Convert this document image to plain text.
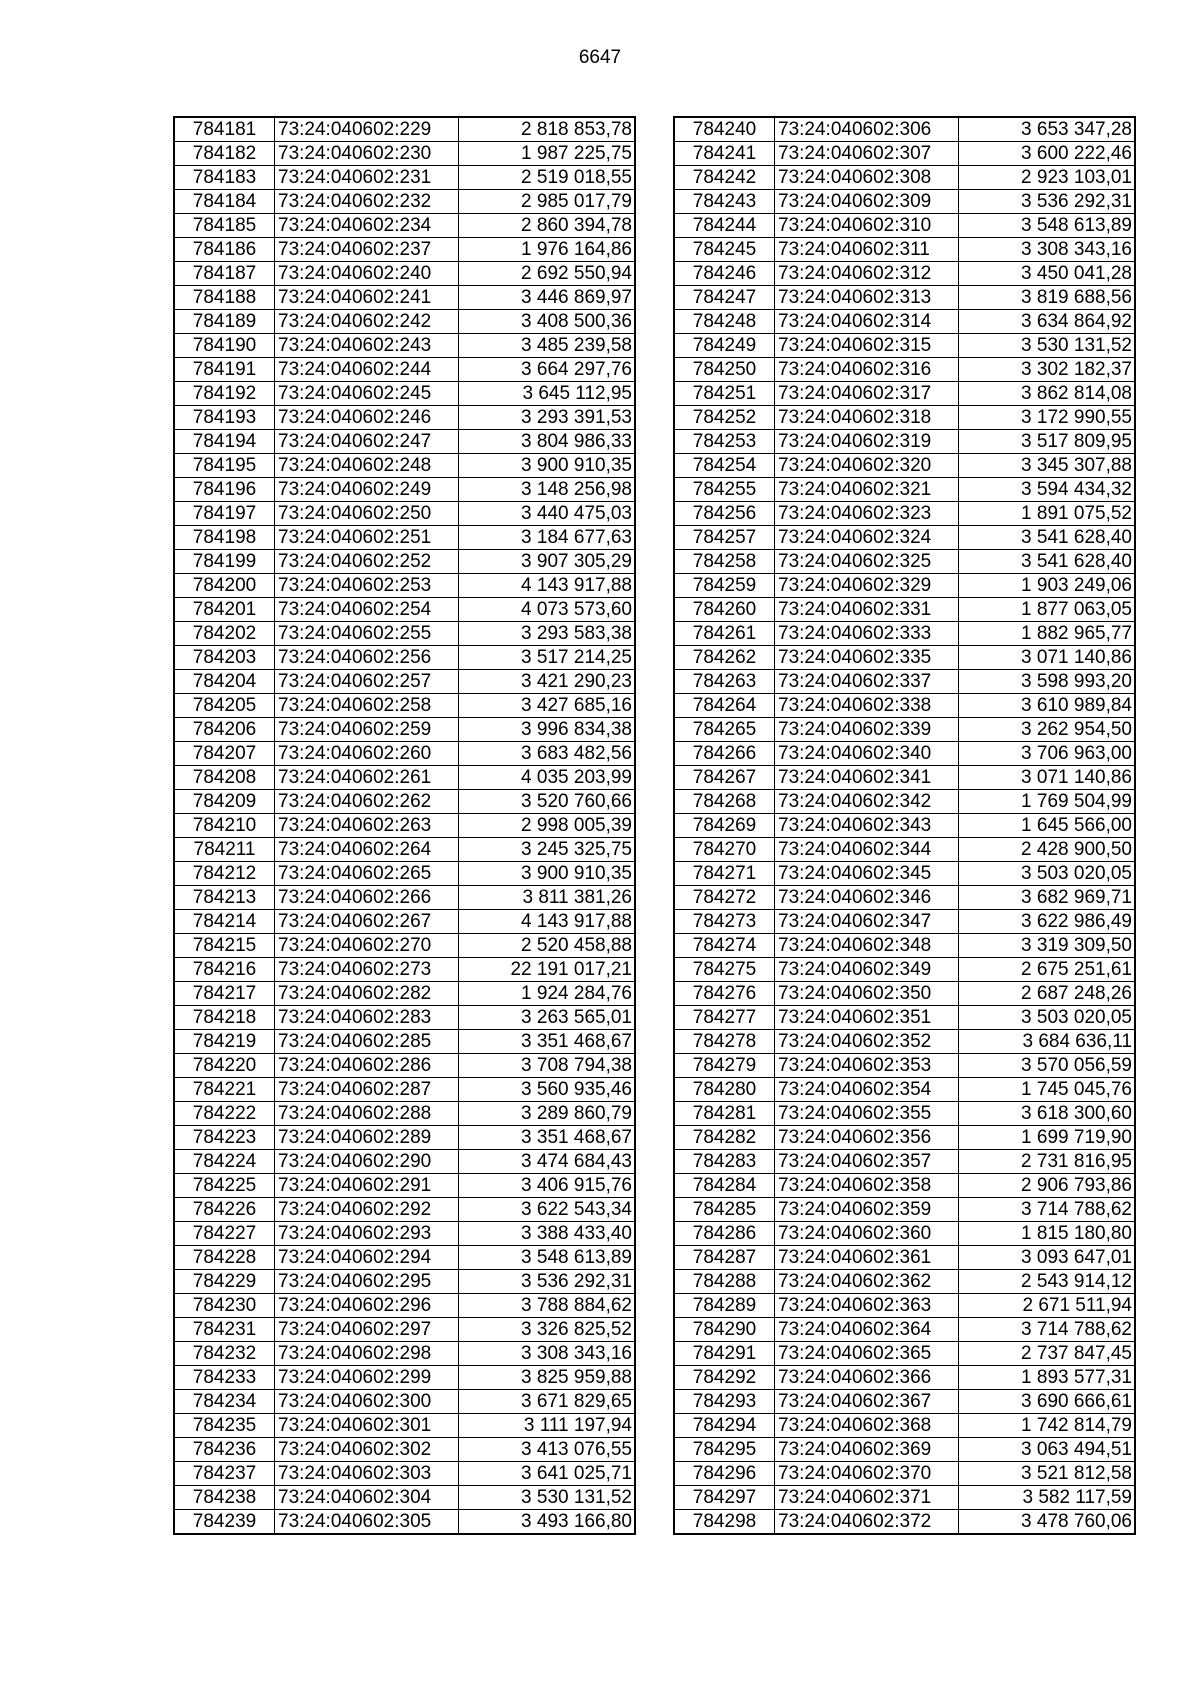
6647
784181	73:24:040602:229	2 818 853,78
784182	73:24:040602:230	1 987 225,75
784183	73:24:040602:231	2 519 018,55
784184	73:24:040602:232	2 985 017,79
784185	73:24:040602:234	2 860 394,78
784186	73:24:040602:237	1 976 164,86
784187	73:24:040602:240	2 692 550,94
784188	73:24:040602:241	3 446 869,97
784189	73:24:040602:242	3 408 500,36
784190	73:24:040602:243	3 485 239,58
784191	73:24:040602:244	3 664 297,76
784192	73:24:040602:245	3 645 112,95
784193	73:24:040602:246	3 293 391,53
784194	73:24:040602:247	3 804 986,33
784195	73:24:040602:248	3 900 910,35
784196	73:24:040602:249	3 148 256,98
784197	73:24:040602:250	3 440 475,03
784198	73:24:040602:251	3 184 677,63
784199	73:24:040602:252	3 907 305,29
784200	73:24:040602:253	4 143 917,88
784201	73:24:040602:254	4 073 573,60
784202	73:24:040602:255	3 293 583,38
784203	73:24:040602:256	3 517 214,25
784204	73:24:040602:257	3 421 290,23
784205	73:24:040602:258	3 427 685,16
784206	73:24:040602:259	3 996 834,38
784207	73:24:040602:260	3 683 482,56
784208	73:24:040602:261	4 035 203,99
784209	73:24:040602:262	3 520 760,66
784210	73:24:040602:263	2 998 005,39
784211	73:24:040602:264	3 245 325,75
784212	73:24:040602:265	3 900 910,35
784213	73:24:040602:266	3 811 381,26
784214	73:24:040602:267	4 143 917,88
784215	73:24:040602:270	2 520 458,88
784216	73:24:040602:273	22 191 017,21
784217	73:24:040602:282	1 924 284,76
784218	73:24:040602:283	3 263 565,01
784219	73:24:040602:285	3 351 468,67
784220	73:24:040602:286	3 708 794,38
784221	73:24:040602:287	3 560 935,46
784222	73:24:040602:288	3 289 860,79
784223	73:24:040602:289	3 351 468,67
784224	73:24:040602:290	3 474 684,43
784225	73:24:040602:291	3 406 915,76
784226	73:24:040602:292	3 622 543,34
784227	73:24:040602:293	3 388 433,40
784228	73:24:040602:294	3 548 613,89
784229	73:24:040602:295	3 536 292,31
784230	73:24:040602:296	3 788 884,62
784231	73:24:040602:297	3 326 825,52
784232	73:24:040602:298	3 308 343,16
784233	73:24:040602:299	3 825 959,88
784234	73:24:040602:300	3 671 829,65
784235	73:24:040602:301	3 111 197,94
784236	73:24:040602:302	3 413 076,55
784237	73:24:040602:303	3 641 025,71
784238	73:24:040602:304	3 530 131,52
784239	73:24:040602:305	3 493 166,80
784240	73:24:040602:306	3 653 347,28
784241	73:24:040602:307	3 600 222,46
784242	73:24:040602:308	2 923 103,01
784243	73:24:040602:309	3 536 292,31
784244	73:24:040602:310	3 548 613,89
784245	73:24:040602:311	3 308 343,16
784246	73:24:040602:312	3 450 041,28
784247	73:24:040602:313	3 819 688,56
784248	73:24:040602:314	3 634 864,92
784249	73:24:040602:315	3 530 131,52
784250	73:24:040602:316	3 302 182,37
784251	73:24:040602:317	3 862 814,08
784252	73:24:040602:318	3 172 990,55
784253	73:24:040602:319	3 517 809,95
784254	73:24:040602:320	3 345 307,88
784255	73:24:040602:321	3 594 434,32
784256	73:24:040602:323	1 891 075,52
784257	73:24:040602:324	3 541 628,40
784258	73:24:040602:325	3 541 628,40
784259	73:24:040602:329	1 903 249,06
784260	73:24:040602:331	1 877 063,05
784261	73:24:040602:333	1 882 965,77
784262	73:24:040602:335	3 071 140,86
784263	73:24:040602:337	3 598 993,20
784264	73:24:040602:338	3 610 989,84
784265	73:24:040602:339	3 262 954,50
784266	73:24:040602:340	3 706 963,00
784267	73:24:040602:341	3 071 140,86
784268	73:24:040602:342	1 769 504,99
784269	73:24:040602:343	1 645 566,00
784270	73:24:040602:344	2 428 900,50
784271	73:24:040602:345	3 503 020,05
784272	73:24:040602:346	3 682 969,71
784273	73:24:040602:347	3 622 986,49
784274	73:24:040602:348	3 319 309,50
784275	73:24:040602:349	2 675 251,61
784276	73:24:040602:350	2 687 248,26
784277	73:24:040602:351	3 503 020,05
784278	73:24:040602:352	3 684 636,11
784279	73:24:040602:353	3 570 056,59
784280	73:24:040602:354	1 745 045,76
784281	73:24:040602:355	3 618 300,60
784282	73:24:040602:356	1 699 719,90
784283	73:24:040602:357	2 731 816,95
784284	73:24:040602:358	2 906 793,86
784285	73:24:040602:359	3 714 788,62
784286	73:24:040602:360	1 815 180,80
784287	73:24:040602:361	3 093 647,01
784288	73:24:040602:362	2 543 914,12
784289	73:24:040602:363	2 671 511,94
784290	73:24:040602:364	3 714 788,62
784291	73:24:040602:365	2 737 847,45
784292	73:24:040602:366	1 893 577,31
784293	73:24:040602:367	3 690 666,61
784294	73:24:040602:368	1 742 814,79
784295	73:24:040602:369	3 063 494,51
784296	73:24:040602:370	3 521 812,58
784297	73:24:040602:371	3 582 117,59
784298	73:24:040602:372	3 478 760,06
